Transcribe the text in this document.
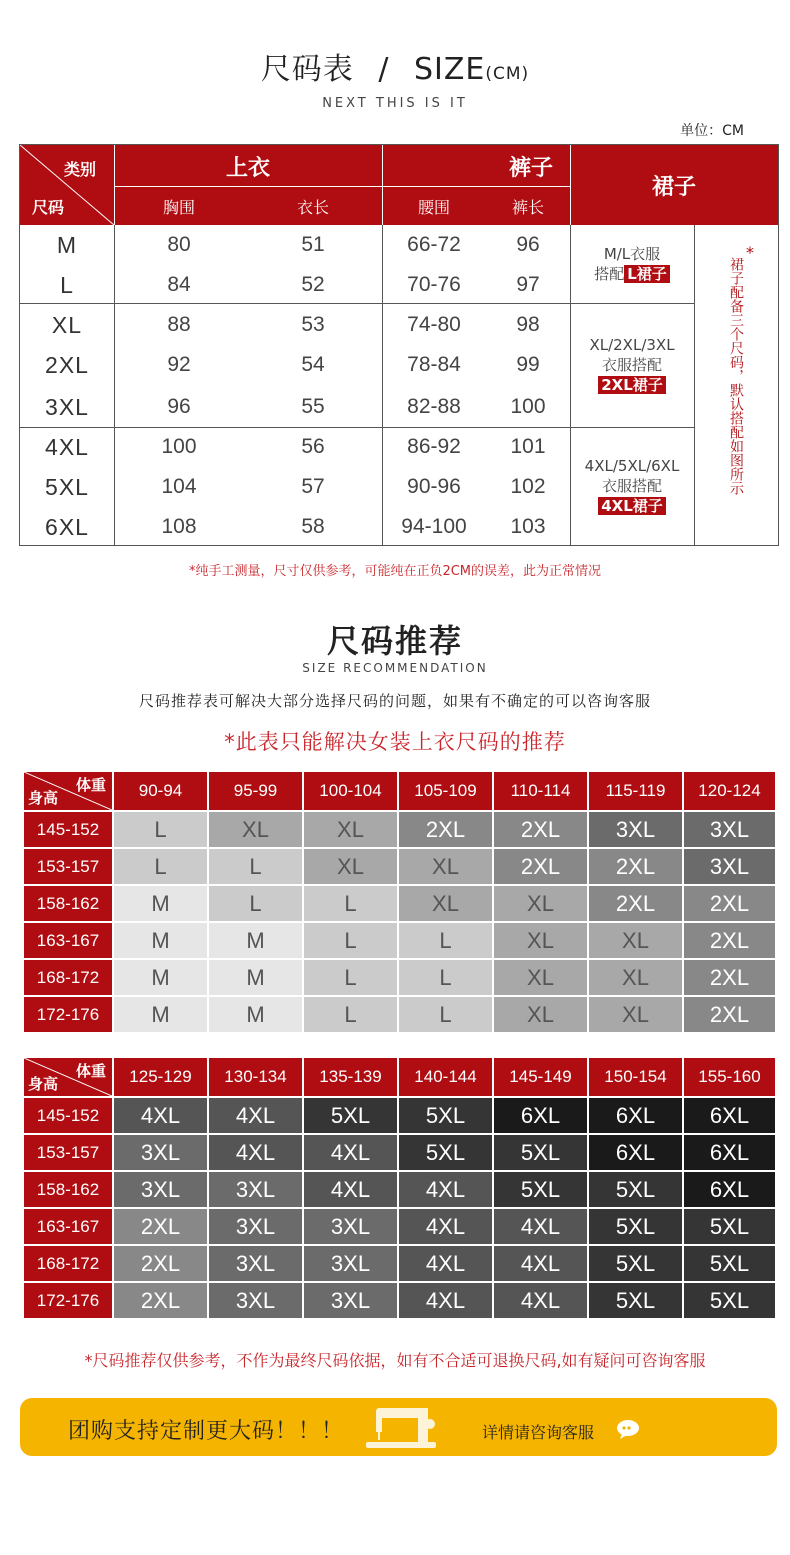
尺码表 / SIZE(CM)
NEXT THIS IS IT
单位：CM
类别
尺码
上衣	裤子
裙子
胸围	衣长	腰围	裤长
M	80	51	66-72	96
L	84	52	70-76	97
XL	88	53	74-80	98
2XL	92	54	78-84	99
3XL	96	55	82-88	100
4XL	100	56	86-92	101
5XL	104	57	90-96	102
6XL	108	58	94-100	103
M/L衣服
搭配 L裙子
XL/2XL/3XL
衣服搭配
2XL裙子
4XL/5XL/6XL
衣服搭配
4XL裙子
*
裙子配备三个尺码，默认搭配如图所示
*纯手工测量，尺寸仅供参考，可能纯在正负2CM的误差，此为正常情况
尺码推荐
SIZE RECOMMENDATION
尺码推荐表可解决大部分选择尺码的问题，如果有不确定的可以咨询客服
*此表只能解决女装上衣尺码的推荐
体重
身高	90-94	95-99	100-104	105-109	110-114	115-119	120-124
145-152	L	XL	XL	2XL	2XL	3XL	3XL
153-157	L	L	XL	XL	2XL	2XL	3XL
158-162	M	L	L	XL	XL	2XL	2XL
163-167	M	M	L	L	XL	XL	2XL
168-172	M	M	L	L	XL	XL	2XL
172-176	M	M	L	L	XL	XL	2XL
体重
身高	125-129	130-134	135-139	140-144	145-149	150-154	155-160
145-152	4XL	4XL	5XL	5XL	6XL	6XL	6XL
153-157	3XL	4XL	4XL	5XL	5XL	6XL	6XL
158-162	3XL	3XL	4XL	4XL	5XL	5XL	6XL
163-167	2XL	3XL	3XL	4XL	4XL	5XL	5XL
168-172	2XL	3XL	3XL	4XL	4XL	5XL	5XL
172-176	2XL	3XL	3XL	4XL	4XL	5XL	5XL
*尺码推荐仅供参考，不作为最终尺码依据，如有不合适可退换尺码,如有疑问可咨询客服
团购支持定制更大码！！！	详情请咨询客服
